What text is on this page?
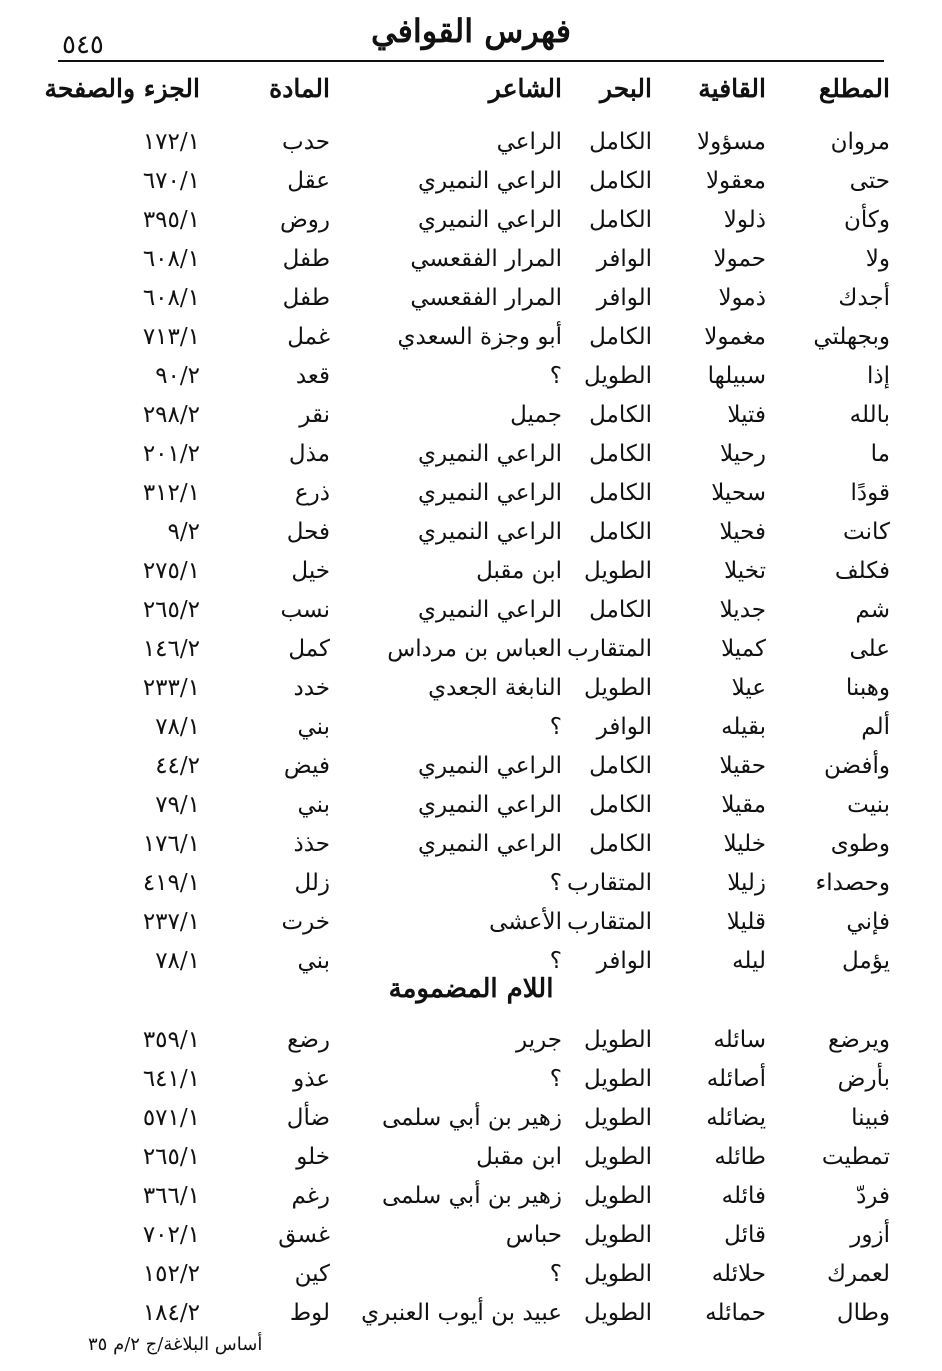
فهرس القوافي
٥٤٥
المطلع
القافية
البحر
الشاعر
المادة
الجزء والصفحة
مروان
مسؤولا
الكامل
الراعي
حدب
١٧٢/١
حتى
معقولا
الكامل
الراعي النميري
عقل
٦٧٠/١
وكأن
ذلولا
الكامل
الراعي النميري
روض
٣٩٥/١
ولا
حمولا
الوافر
المرار الفقعسي
طفل
٦٠٨/١
أجدك
ذمولا
الوافر
المرار الفقعسي
طفل
٦٠٨/١
وبجهلتي
مغمولا
الكامل
أبو وجزة السعدي
غمل
٧١٣/١
إذا
سبيلها
الطويل
؟
قعد
٩٠/٢
بالله
فتيلا
الكامل
جميل
نقر
٢٩٨/٢
ما
رحيلا
الكامل
الراعي النميري
مذل
٢٠١/٢
قودًا
سحيلا
الكامل
الراعي النميري
ذرع
٣١٢/١
كانت
فحيلا
الكامل
الراعي النميري
فحل
٩/٢
فكلف
تخيلا
الطويل
ابن مقبل
خيل
٢٧٥/١
شم
جديلا
الكامل
الراعي النميري
نسب
٢٦٥/٢
على
كميلا
المتقارب
العباس بن مرداس
كمل
١٤٦/٢
وهبنا
عيلا
الطويل
النابغة الجعدي
خدد
٢٣٣/١
ألم
بقيله
الوافر
؟
بني
٧٨/١
وأفضن
حقيلا
الكامل
الراعي النميري
فيض
٤٤/٢
بنيت
مقيلا
الكامل
الراعي النميري
بني
٧٩/١
وطوى
خليلا
الكامل
الراعي النميري
حذذ
١٧٦/١
وحصداء
زليلا
المتقارب
؟
زلل
٤١٩/١
فإني
قليلا
المتقارب
الأعشى
خرت
٢٣٧/١
يؤمل
ليله
الوافر
؟
بني
٧٨/١
اللام المضمومة
ويرضع
سائله
الطويل
جرير
رضع
٣٥٩/١
بأرض
أصائله
الطويل
؟
عذو
٦٤١/١
فبينا
يضائله
الطويل
زهير بن أبي سلمى
ضأل
٥٧١/١
تمطيت
طائله
الطويل
ابن مقبل
خلو
٢٦٥/١
فردّ
فائله
الطويل
زهير بن أبي سلمى
رغم
٣٦٦/١
أزور
قائل
الطويل
حباس
غسق
٧٠٢/١
لعمرك
حلائله
الطويل
؟
كين
١٥٢/٢
وطال
حمائله
الطويل
عبيد بن أيوب العنبري
لوط
١٨٤/٢
أساس البلاغة/ج ٢/م ٣٥
